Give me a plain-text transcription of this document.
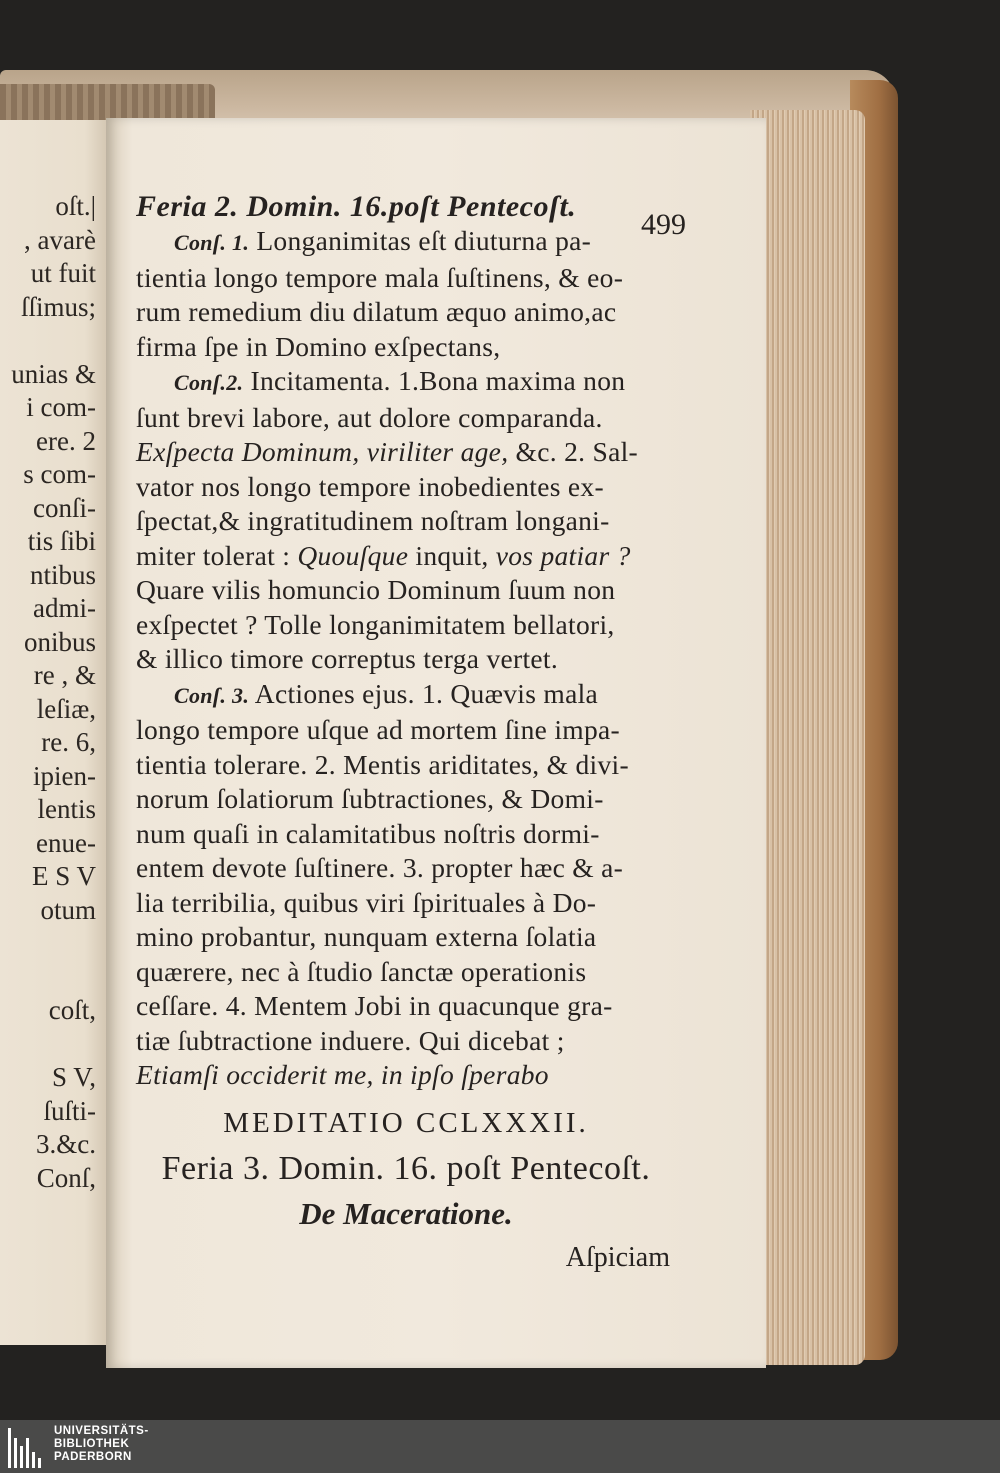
oſt.|
, avarè
ut fuit
ſſimus;
unias &
i com-
ere. 2
s com-
conſi-
tis ſibi
ntibus
admi-
onibus
re , &
leſiæ,
re. 6,
ipien-
lentis
enue-
E S V
otum
coſt,
S V,
ſuſti-
3.&c.
Conſ,
499
Feria 2. Domin. 16.poſt Pentecoſt.
Conſ. 1. Longanimitas eſt diuturna pa-
tientia longo tempore mala ſuſtinens, & eo-
rum remedium diu dilatum æquo animo,ac
firma ſpe in Domino exſpectans,
Conſ.2. Incitamenta. 1.Bona maxima non
ſunt brevi labore, aut dolore comparanda.
Exſpecta Dominum, viriliter age, &c. 2. Sal-
vator nos longo tempore inobedientes ex-
ſpectat,& ingratitudinem noſtram longani-
miter tolerat : Quouſque inquit, vos patiar ?
Quare vilis homuncio Dominum ſuum non
exſpectet ? Tolle longanimitatem bellatori,
& illico timore correptus terga vertet.
Conſ. 3. Actiones ejus. 1. Quævis mala
longo tempore uſque ad mortem ſine impa-
tientia tolerare. 2. Mentis ariditates, & divi-
norum ſolatiorum ſubtractiones, & Domi-
num quaſi in calamitatibus noſtris dormi-
entem devote ſuſtinere. 3. propter hæc & a-
lia terribilia, quibus viri ſpirituales à Do-
mino probantur, nunquam externa ſolatia
quærere, nec à ſtudio ſanctæ operationis
ceſſare. 4. Mentem Jobi in quacunque gra-
tiæ ſubtractione induere. Qui dicebat ;
Etiamſi occiderit me, in ipſo ſperabo
MEDITATIO CCLXXXII.
Feria 3. Domin. 16. poſt Pentecoſt.
De Maceratione.
Aſpiciam
UNIVERSITÄTS-
BIBLIOTHEK
PADERBORN
